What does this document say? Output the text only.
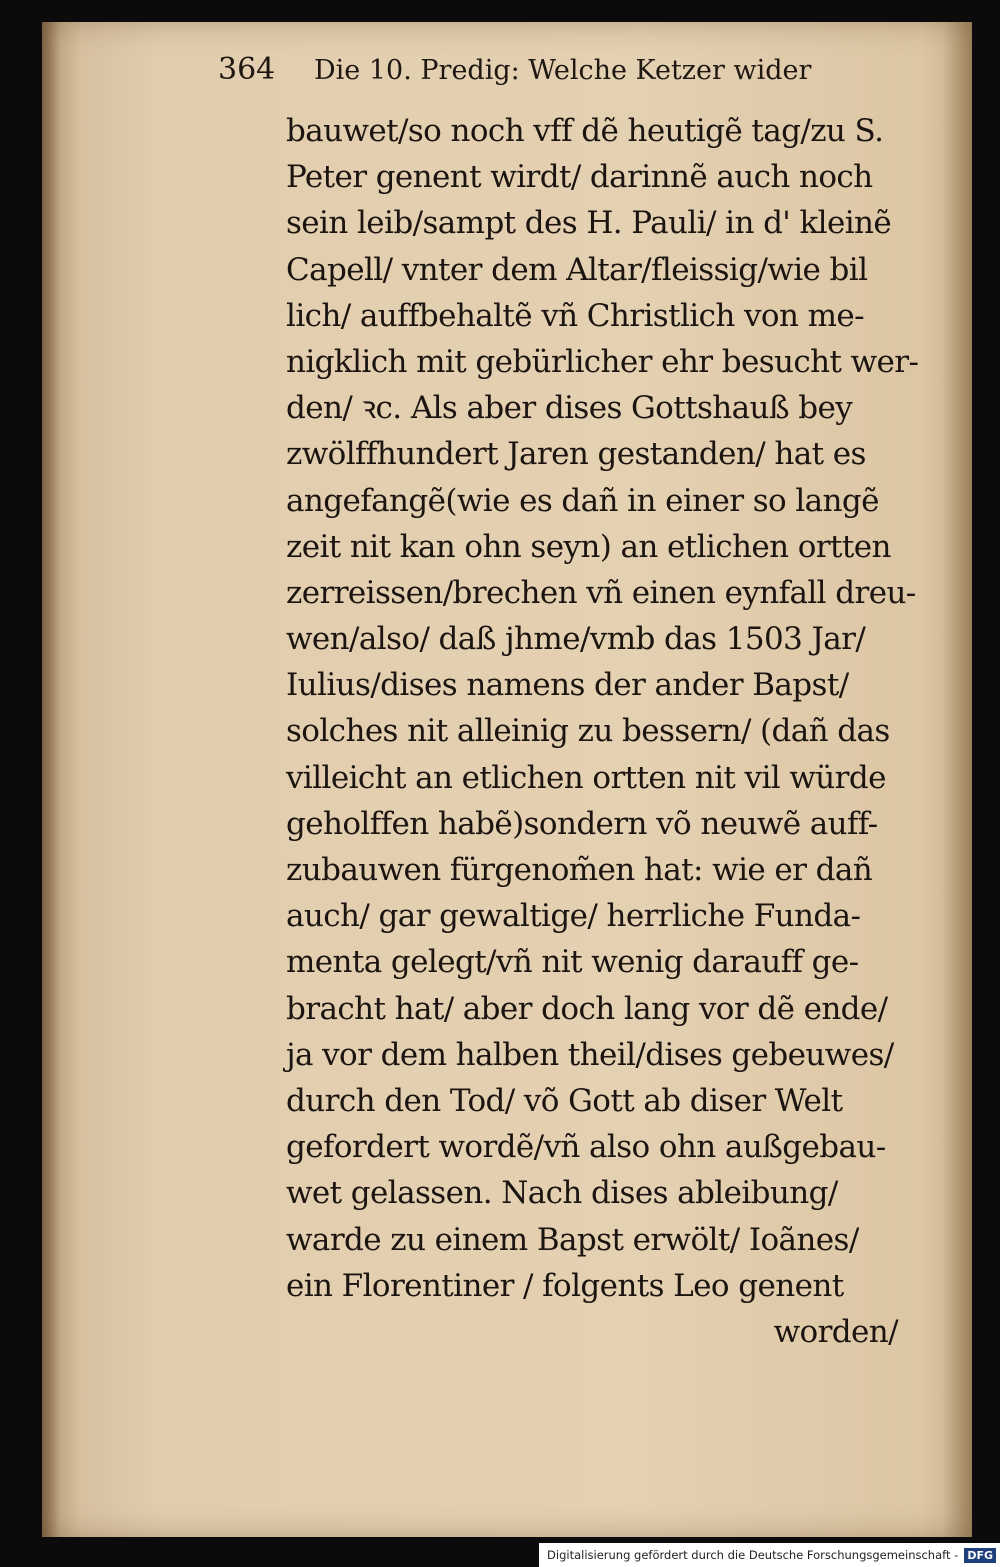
364 Die 10. Predig: Welche Ketzer wider
bauwet/so noch vff dẽ heutigẽ tag/zu S.
Peter genent wirdt/ darinnẽ auch noch
sein leib/sampt des H. Pauli/ in d' kleinẽ
Capell/ vnter dem Altar/fleissig/wie bil
lich/ auffbehaltẽ vñ Christlich von me-
nigklich mit gebürlicher ehr besucht wer-
den/ ꝛc. Als aber dises Gottshauß bey
zwölffhundert Jaren gestanden/ hat es
angefangẽ(wie es dañ in einer so langẽ
zeit nit kan ohn seyn) an etlichen ortten
zerreissen/brechen vñ einen eynfall dreu-
wen/also/ daß jhme/vmb das 1503 Jar/
Iulius/dises namens der ander Bapst/
solches nit alleinig zu bessern/ (dañ das
villeicht an etlichen ortten nit vil würde
geholffen habẽ)sondern võ neuwẽ auff-
zubauwen fürgenom̃en hat: wie er dañ
auch/ gar gewaltige/ herrliche Funda-
menta gelegt/vñ nit wenig darauff ge-
bracht hat/ aber doch lang vor dẽ ende/
ja vor dem halben theil/dises gebeuwes/
durch den Tod/ võ Gott ab diser Welt
gefordert wordẽ/vñ also ohn außgebau-
wet gelassen. Nach dises ableibung/
warde zu einem Bapst erwölt/ Ioãnes/
ein Florentiner / folgents Leo genent
worden/
Digitalisierung gefördert durch die Deutsche Forschungsgemeinschaft - DFG
